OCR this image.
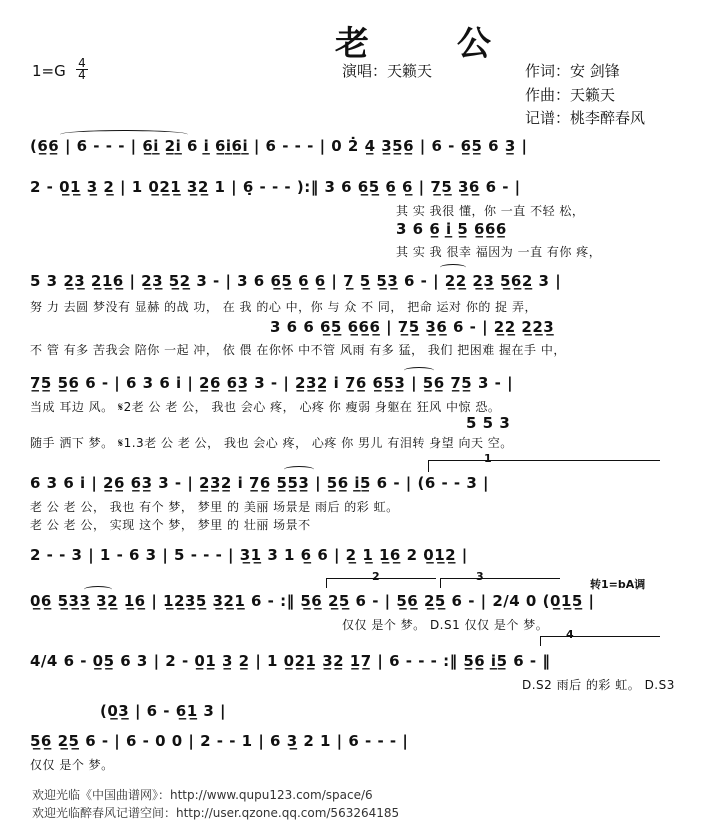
老 公
$1=G \frac{4}{4}$	演唱：天籁天	作词：安 剑锋
作曲：天籁天
记谱：桃李醉春风
(6̲6̲ | 6 - - - | 6̲i̲ 2̲i̲ 6 i̲ 6̲i̲6̲i̲ | 6 - - - | 0 2̇ 4̲ 3̲5̲6̲ | 6 - 6̲5̲ 6 3̲ |
2 - 0̲1̲ 3̲ 2̲ | 1 0̲2̲1̲ 3̲2̲ 1 | 6̣ - - - ):‖ 3 6 6̲5̲ 6̲ 6̲ | 7̲5̲ 3̲6̲ 6 - |
其 实 我很 懂，你 一直 不轻 松，
3 6 6̲ i̲ 5̲ 6̲6̲6̲
其 实 我 很幸 福因为 一直 有你 疼，
5 3 2̲3̲ 2̲1̲6̲ | 2̲3̲ 5̲2̲ 3 - | 3 6 6̲5̲ 6̲ 6̲ | 7̲ 5̲ 5̲3̲ 6 - | 2̲2̲ 2̲3̲ 5̲6̲2̲ 3 |
努 力 去圆 梦没有 显赫 的战 功， 在 我 的心 中，你 与 众 不 同， 把命 运对 你的 捉 弄，
3 6 6 6̲5̲ 6̲6̲6̲ | 7̲5̲ 3̲6̲ 6 - | 2̲2̲ 2̲2̲3̲
不 管 有多 苦我会 陪你 一起 冲， 依 偎 在你怀 中不管 风雨 有多 猛， 我们 把困难 握在手 中，
7̲5̲ 5̲6̲ 6 - | 6 3 6 i | 2̲6̲ 6̲3̲ 3 - | 2̲3̲2̲ i 7̲6̲ 6̲5̲3̲ | 5̲6̲ 7̲5̲ 3 - |
当成 耳边 风。 𝄋2老 公 老 公， 我也 会心 疼， 心疼 你 瘦弱 身躯在 狂风 中惊 恐。
5 5 3
随手 洒下 梦。 𝄋1.3老 公 老 公， 我也 会心 疼， 心疼 你 男儿 有泪转 身望 向天 空。
1
6 3 6 i | 2̲6̲ 6̲3̲ 3 - | 2̲3̲2̲ i 7̲6̲ 5̲5̲3̲ | 5̲6̲ i̲5̲ 6 - | (6 - - 3 |
老 公 老 公， 我也 有个 梦， 梦里 的 美丽 场景是 雨后 的彩 虹。
老 公 老 公， 实现 这个 梦， 梦里 的 壮丽 场景不
2 - - 3 | 1 - 6 3 | 5 - - - | 3̲1̲ 3 1 6̲ 6 | 2̲ 1̲ 1̲6̲ 2 0̲1̲2̲ |
2	3
转1=bA调
0̲6̲ 5̲3̲3̲ 3̲2̲ 1̲6̲ | 1̲2̲3̲5̲ 3̲2̲1̲ 6 - :‖ 5̲6̲ 2̲5̲ 6 - | 5̲6̲ 2̲5̲ 6 - | 2/4 0 (0̲1̲5̲ |
仅仅 是个 梦。 D.S1 仅仅 是个 梦。
4
4/4 6 - 0̲5̲ 6 3 | 2 - 0̲1̲ 3̲ 2̲ | 1 0̲2̲1̲ 3̲2̲ 1̲7̲ | 6 - - - :‖ 5̲6̲ i̲5̲ 6 - ‖
D.S2 雨后 的彩 虹。 D.S3
(0̲3̲ | 6 - 6̲1̲ 3 |
5̲6̲ 2̲5̲ 6 - | 6 - 0 0 | 2 - - 1 | 6 3̲ 2 1 | 6 - - - |
仅仅 是个 梦。
欢迎光临《中国曲谱网》：http://www.qupu123.com/space/6
欢迎光临醉春风记谱空间：http://user.qzone.qq.com/563264185
